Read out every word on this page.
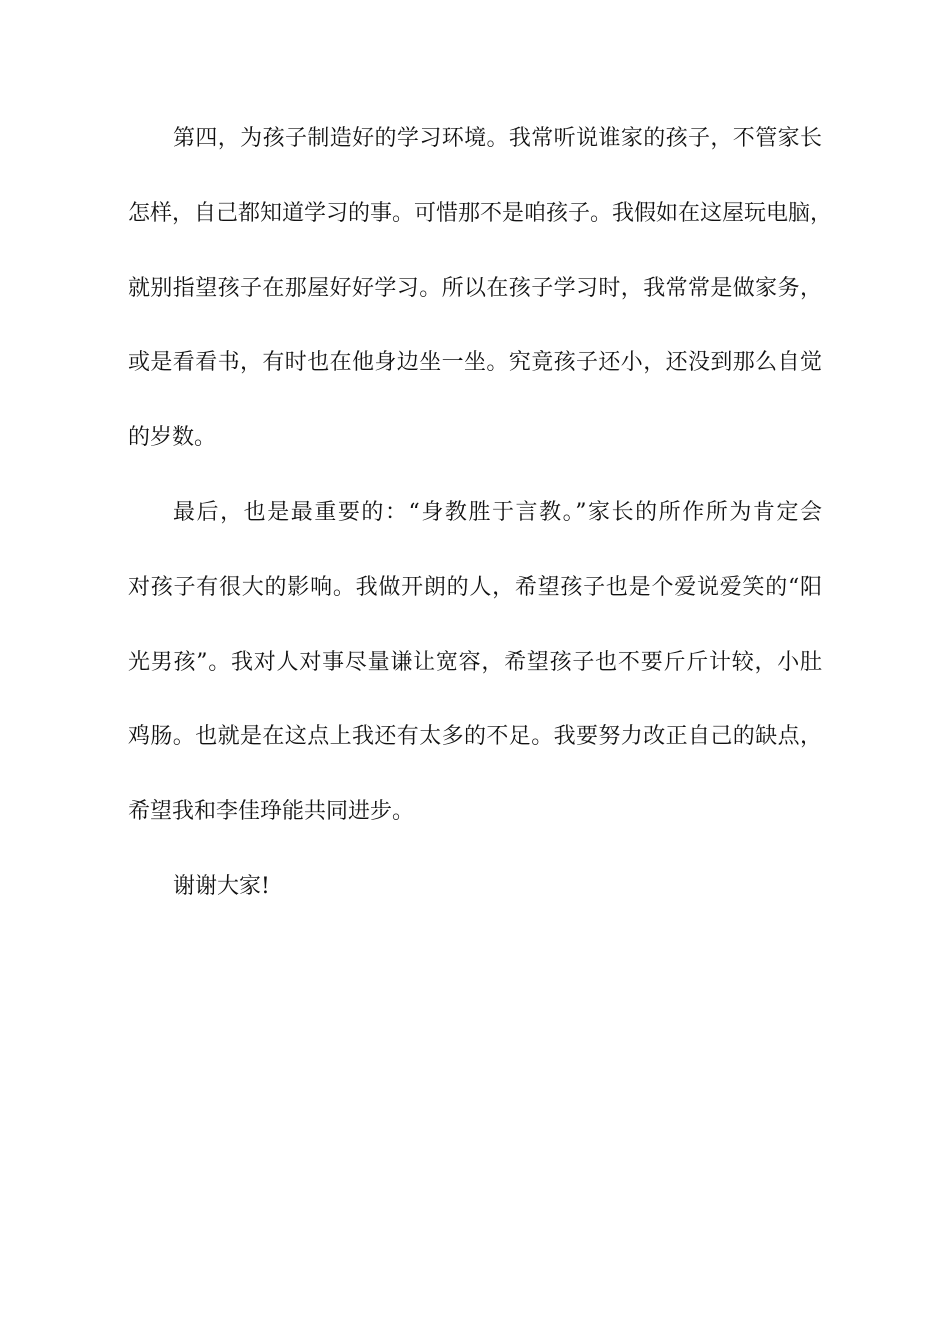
第四，为孩子制造好的学习环境。我常听说谁家的孩子，不管家长
怎样，自己都知道学习的事。可惜那不是咱孩子。我假如在这屋玩电脑，
就别指望孩子在那屋好好学习。所以在孩子学习时，我常常是做家务，
或是看看书，有时也在他身边坐一坐。究竟孩子还小，还没到那么自觉
的岁数。
最后，也是最重要的：“身教胜于言教。”家长的所作所为肯定会
对孩子有很大的影响。我做开朗的人，希望孩子也是个爱说爱笑的“阳
光男孩”。我对人对事尽量谦让宽容，希望孩子也不要斤斤计较，小肚
鸡肠。也就是在这点上我还有太多的不足。我要努力改正自己的缺点，
希望我和李佳琤能共同进步。
谢谢大家!
